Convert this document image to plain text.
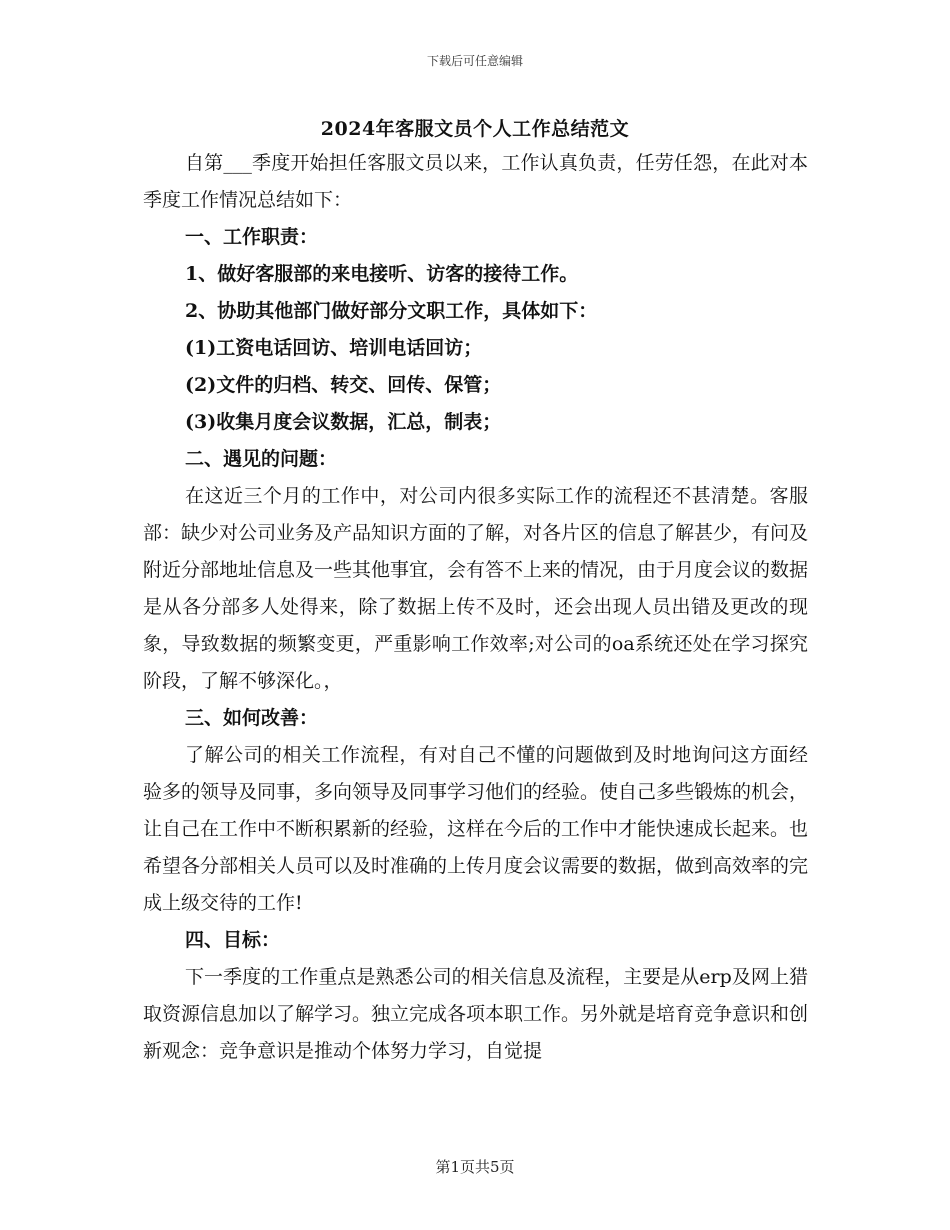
下载后可任意编辑
2024年客服文员个人工作总结范文

自第___季度开始担任客服文员以来，工作认真负责，任劳任怨，在此对本季度工作情况总结如下：

一、工作职责：

1、做好客服部的来电接听、访客的接待工作。

2、协助其他部门做好部分文职工作，具体如下：

(1)工资电话回访、培训电话回访；

(2)文件的归档、转交、回传、保管；

(3)收集月度会议数据，汇总，制表；

二、遇见的问题：

在这近三个月的工作中，对公司内很多实际工作的流程还不甚清楚。客服部：缺少对公司业务及产品知识方面的了解，对各片区的信息了解甚少，有问及附近分部地址信息及一些其他事宜，会有答不上来的情况，由于月度会议的数据是从各分部多人处得来，除了数据上传不及时，还会出现人员出错及更改的现象，导致数据的频繁变更，严重影响工作效率;对公司的oa系统还处在学习探究阶段，了解不够深化。，

三、如何改善：

了解公司的相关工作流程，有对自己不懂的问题做到及时地询问这方面经验多的领导及同事，多向领导及同事学习他们的经验。使自己多些锻炼的机会，让自己在工作中不断积累新的经验，这样在今后的工作中才能快速成长起来。也希望各分部相关人员可以及时准确的上传月度会议需要的数据，做到高效率的完成上级交待的工作!

四、目标：

下一季度的工作重点是熟悉公司的相关信息及流程，主要是从erp及网上猎取资源信息加以了解学习。独立完成各项本职工作。另外就是培育竞争意识和创新观念：竞争意识是推动个体努力学习，自觉提

第1页共5页
